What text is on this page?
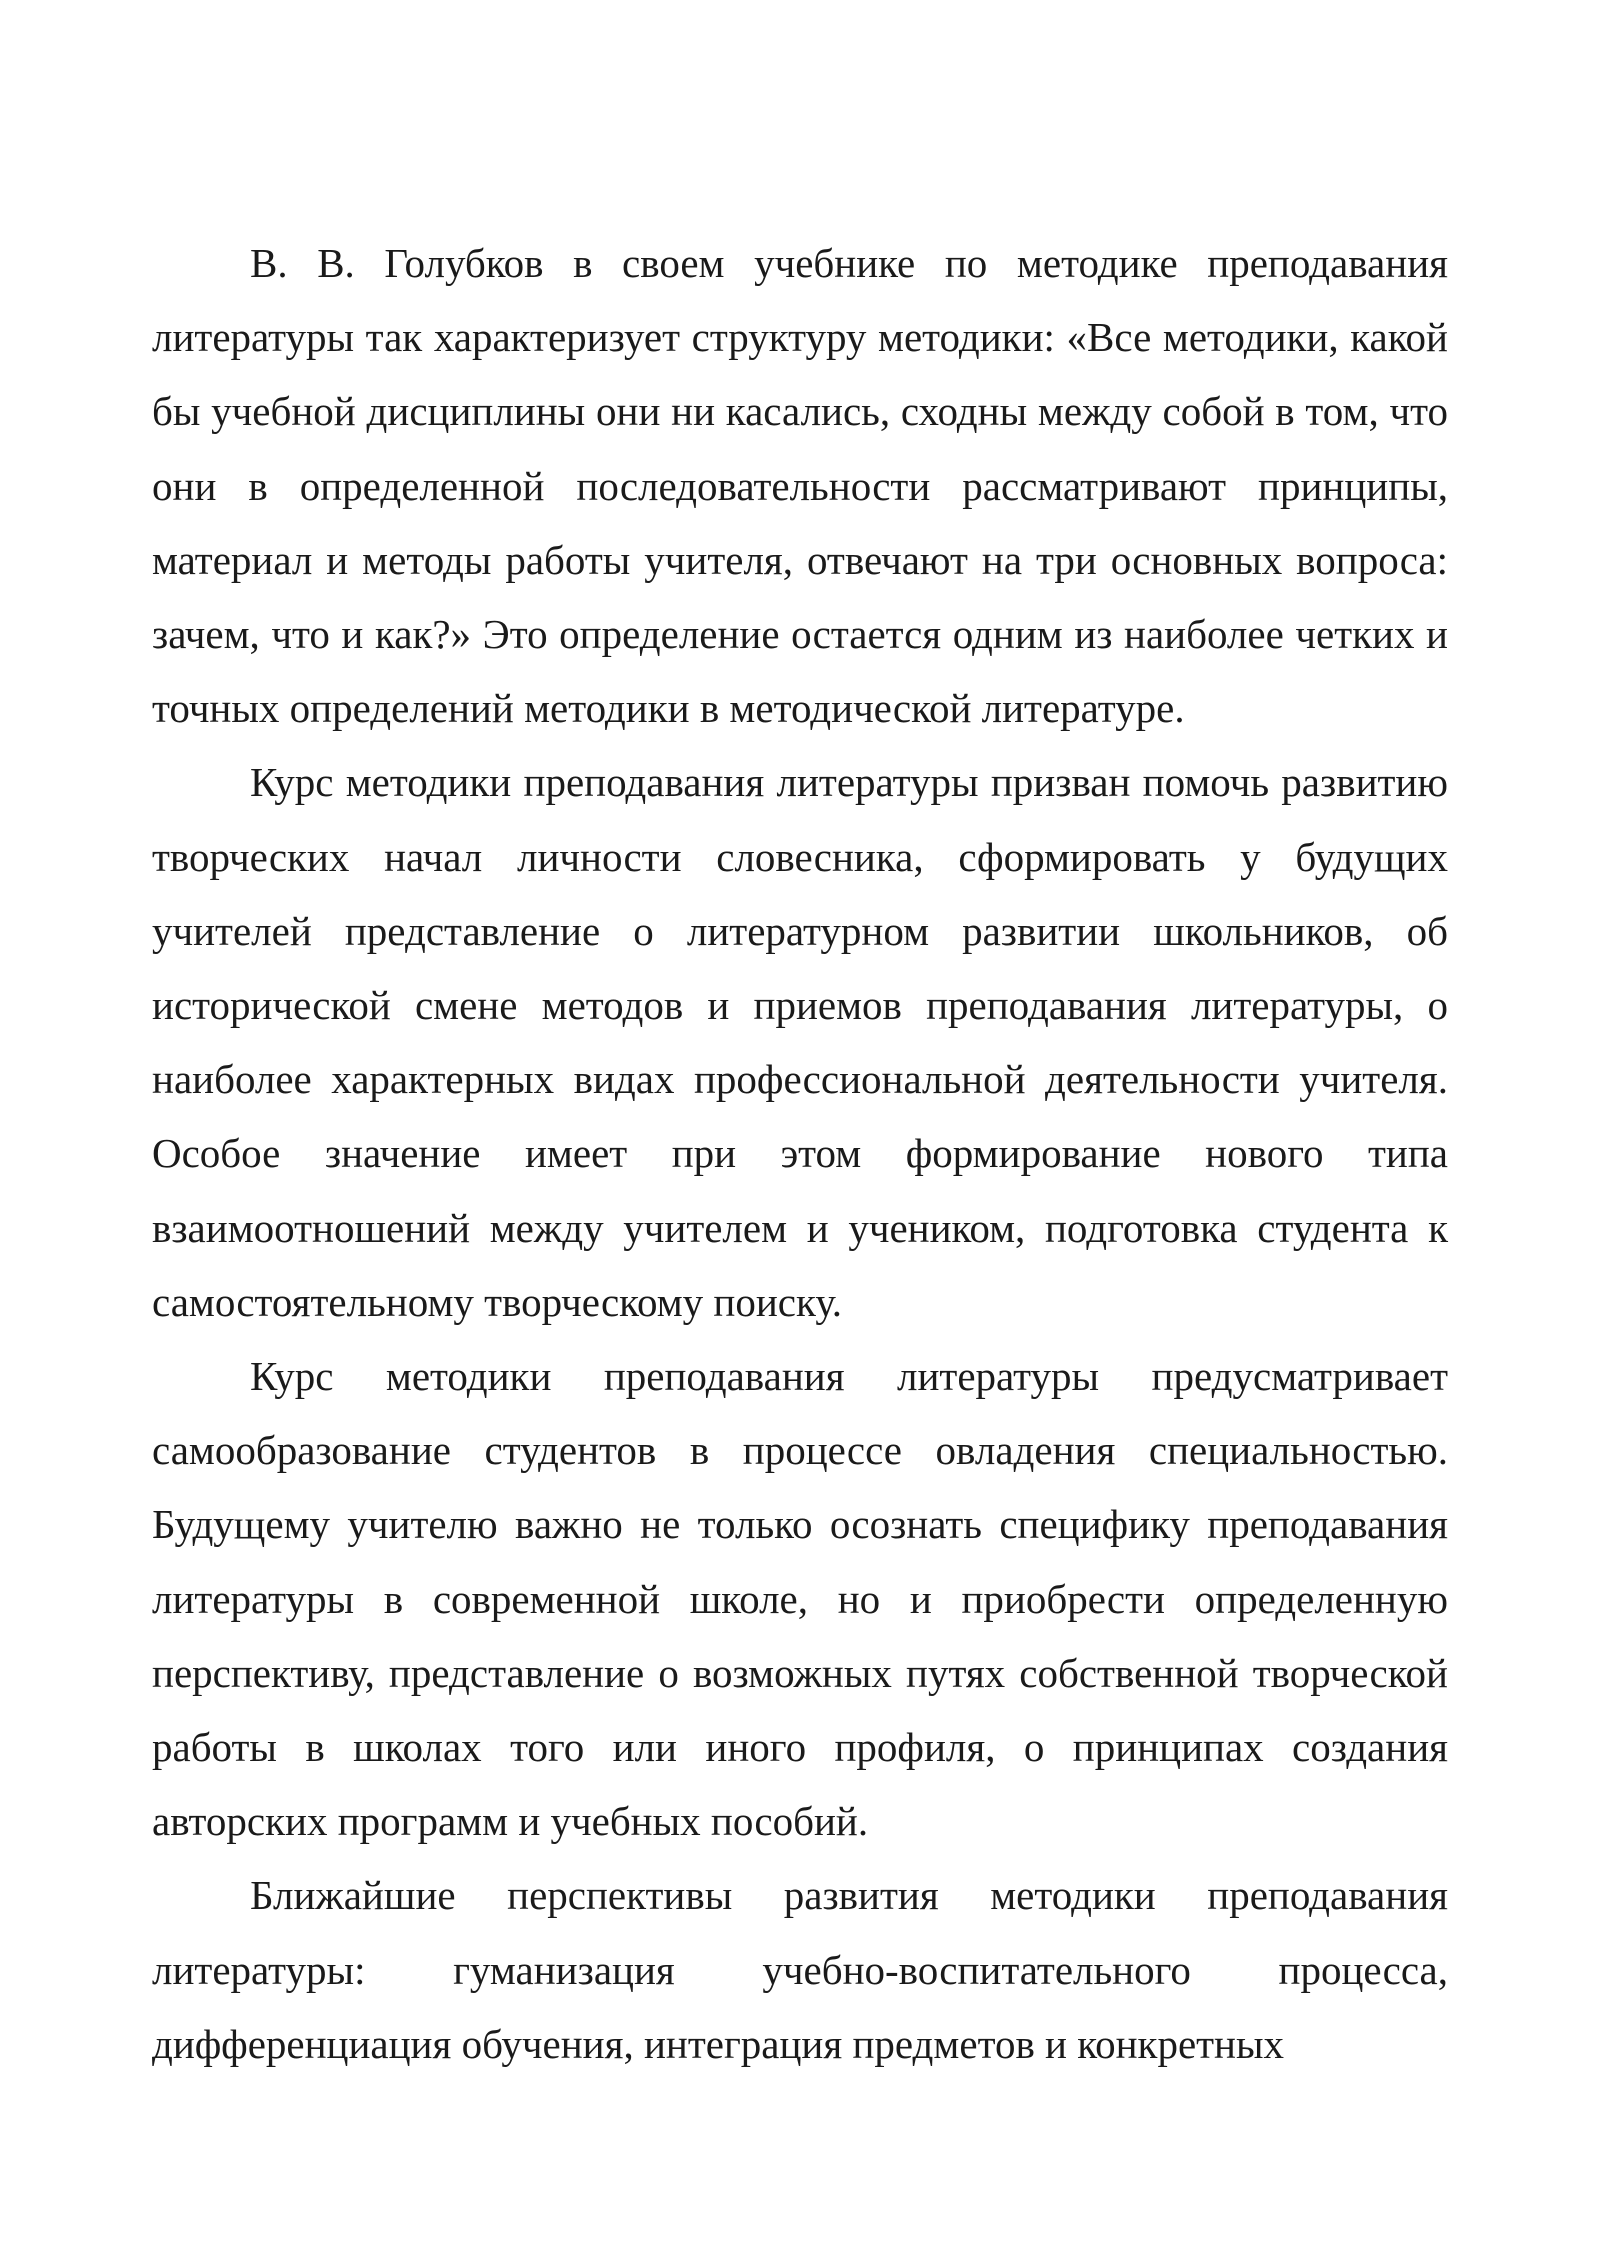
В. В. Голубков в своем учебнике по методике преподавания литературы так характеризует структуру методики: «Все методики, какой бы учебной дисциплины они ни касались, сходны между собой в том, что они в определенной последовательности рассматривают принципы, материал и методы работы учителя, отвечают на три основных вопроса: зачем, что и как?» Это определение остается одним из наиболее четких и точных определений методики в методической литературе.

Курс методики преподавания литературы призван помочь развитию творческих начал личности словесника, сформировать у будущих учителей представление о литературном развитии школьников, об исторической смене методов и приемов преподавания литературы, о наиболее характерных видах профессиональной деятельности учителя. Особое значение имеет при этом формирование нового типа взаимоотношений между учителем и учеником, подготовка студента к самостоятельному творческому поиску.

Курс методики преподавания литературы предусматривает самообразование студентов в процессе овладения специальностью. Будущему учителю важно не только осознать специфику преподавания литературы в современной школе, но и приобрести определенную перспективу, представление о возможных путях собственной творческой работы в школах того или иного профиля, о принципах создания авторских программ и учебных пособий.

Ближайшие перспективы развития методики преподавания литературы: гуманизация учебно-воспитательного процесса, дифференциация обучения, интеграция предметов и конкретных
